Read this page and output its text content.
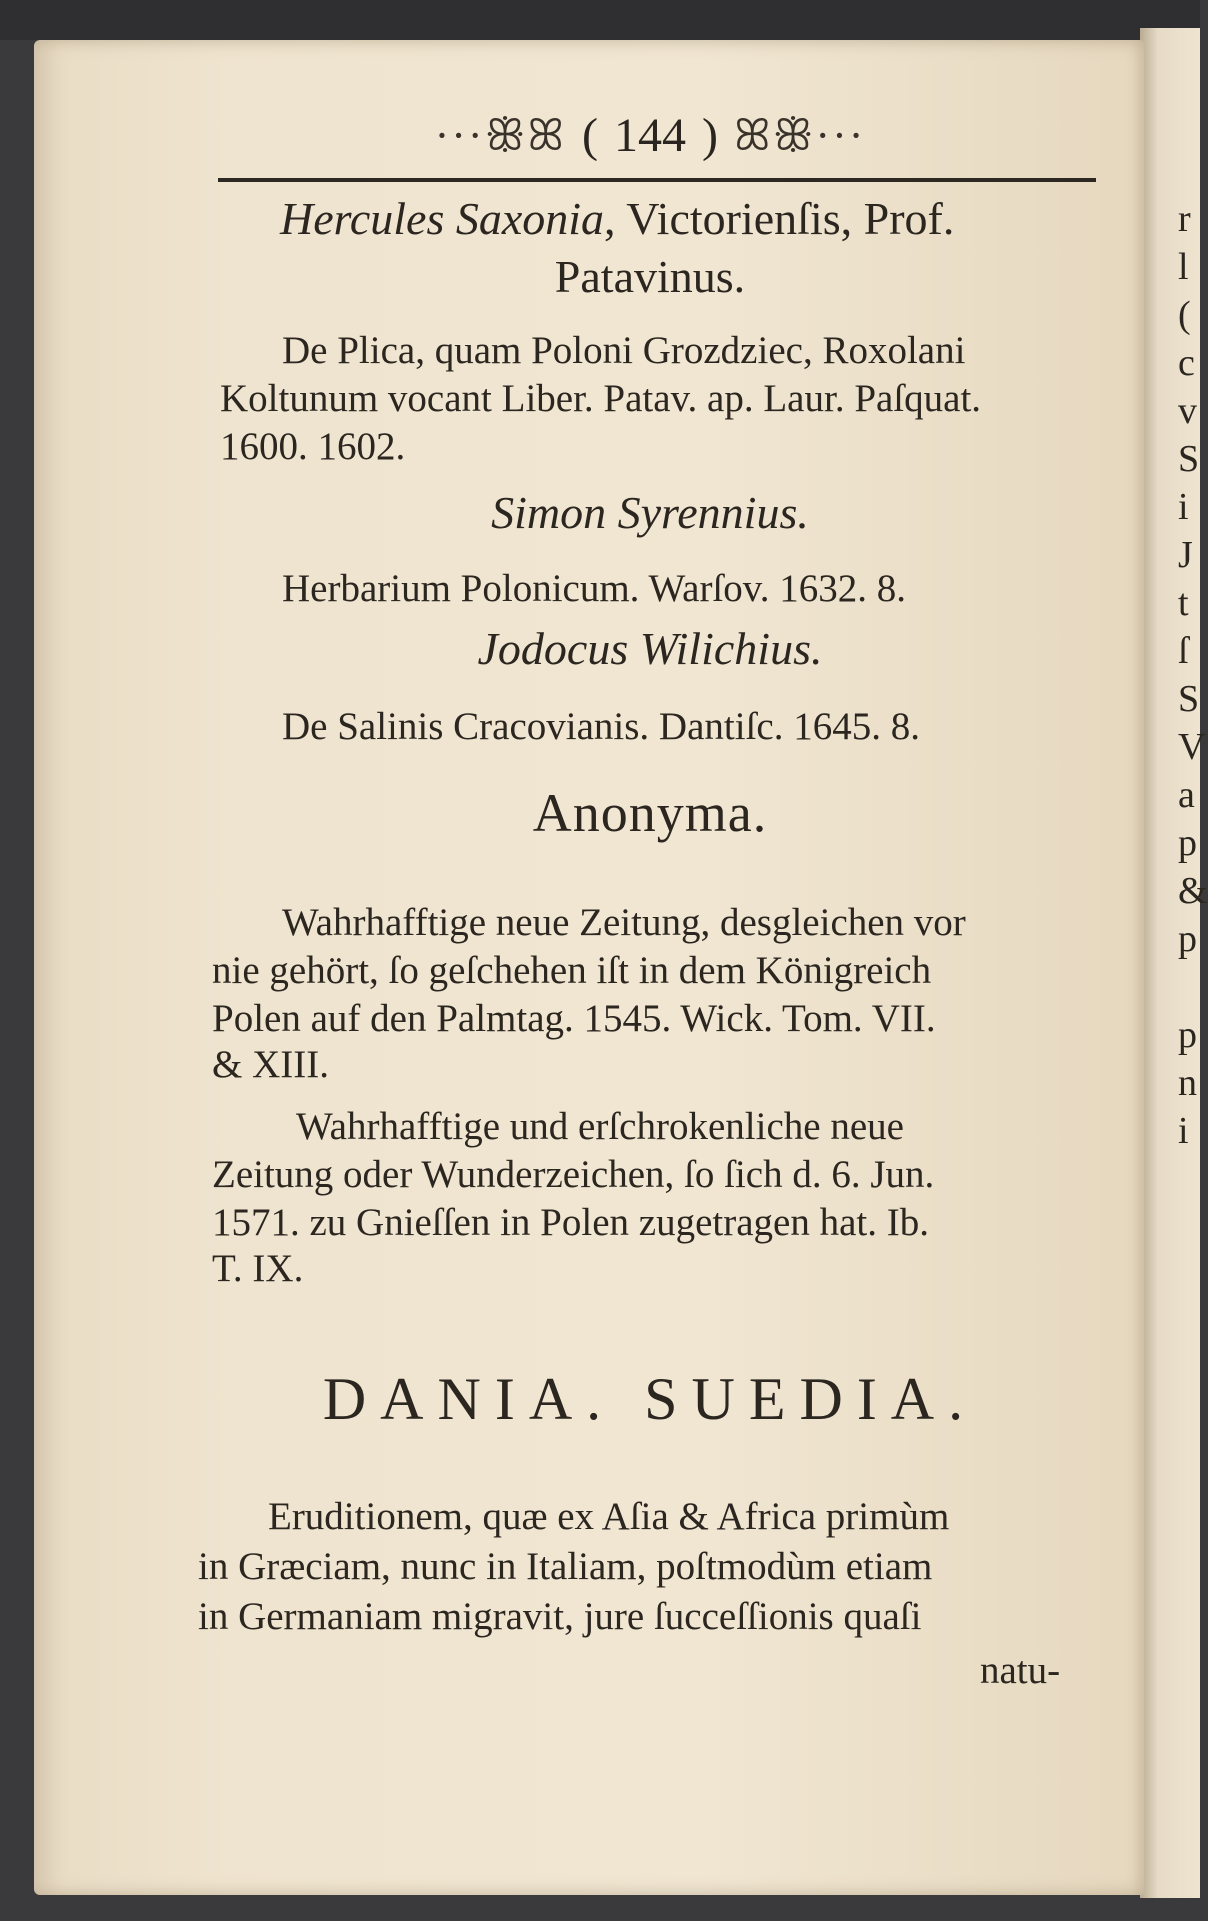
r
l
(
c
v
S
i
J
t
ſ
S
V
a
p
&
p

p
n
i
···ꕥꕤ ( 144 ) ꕤꕥ···
Hercules Saxonia, Victorienſis, Prof.
Patavinus.
De Plica, quam Poloni Grozdziec, Roxolani
Koltunum vocant Liber. Patav. ap. Laur. Paſquat.
1600. 1602.
Simon Syrennius.
Herbarium Polonicum. Warſov. 1632. 8.
Jodocus Wilichius.
De Salinis Cracovianis. Dantiſc. 1645. 8.
Anonyma.
Wahrhafftige neue Zeitung, desgleichen vor
nie gehört, ſo geſchehen iſt in dem Königreich
Polen auf den Palmtag. 1545. Wick. Tom. VII.
& XIII.
Wahrhafftige und erſchrokenliche neue
Zeitung oder Wunderzeichen, ſo ſich d. 6. Jun.
1571. zu Gnieſſen in Polen zugetragen hat. Ib.
T. IX.
DANIA. SUEDIA.
Eruditionem, quæ ex Aſia & Africa primùm
in Græciam, nunc in Italiam, poſtmodùm etiam
in Germaniam migravit, jure ſucceſſionis quaſi
natu-
